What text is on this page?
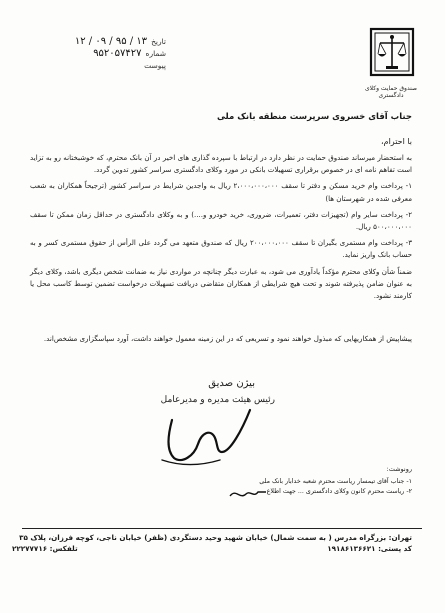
صندوق حمایت وکلای دادگستری
تاریخ
۱۳ / ۹۵ / ۰۹ / ۱۲
شماره
۹۵۲۰۵۷۴۲۷
پیوست
جناب آقای خسروی سرپرست منطقه بانک ملی
با احترام،

به استحضار میرساند صندوق حمایت در نظر دارد در ارتباط با سپرده گذاری های اخیر در آن بانک محترم، که خوشبختانه رو به تزاید است تفاهم نامه ای در خصوص برقراری تسهیلات بانکی در مورد وکلای دادگستری سراسر کشور تدوین گردد.

۱- پرداخت وام خرید مسکن و دفتر تا سقف ۲،۰۰۰،۰۰۰،۰۰۰ ریال به واجدین شرایط در سراسر کشور (ترجیحاً همکاران به شعب معرفی شده در شهرستان ها)

۲- پرداخت سایر وام (تجهیزات دفتر، تعمیرات، ضروری، خرید خودرو و....) و به وکلای دادگستری در حداقل زمان ممکن تا سقف ۵۰۰،۰۰۰،۰۰۰ ریال.

۳- پرداخت وام مستمری بگیران تا سقف ۲۰۰،۰۰۰،۰۰۰ ریال که صندوق متعهد می گردد علی الرأس از حقوق مستمری کسر و به حساب بانک واریز نماید.

ضمناً شأن وکلای محترم مؤکداً یادآوری می شود، به عبارت دیگر چنانچه در مواردی نیاز به ضمانت شخص دیگری باشد، وکلای دیگر به عنوان ضامن پذیرفته شوند و تحت هیچ شرایطی از همکاران متقاضی دریافت تسهیلات درخواست تضمین توسط کاسب محل یا کارمند نشود.

پیشاپیش از همکاریهایی که مبذول خواهند نمود و تسریعی که در این زمینه معمول خواهند داشت، آورد سپاسگزاری مشخص‌اند.
بیژن صدیق
رئیس هیئت مدیره و مدیرعامل
رونوشت:
۱- جناب آقای تیمسار ریاست محترم شعبه خدابار بانک ملی
۲- ریاست محترم کانون وکلای دادگستری ... جهت اطلاع
تهران: بزرگراه مدرس ( به سمت شمال) خیابان شهید وحید دستگردی (ظفر) خیابان ناجی، کوچه فرزان، پلاک ۳۵
کد پستی: ۱۹۱۸۶۱۳۶۶۲۱
تلفکس: ۲۲۲۷۷۷۱۶
